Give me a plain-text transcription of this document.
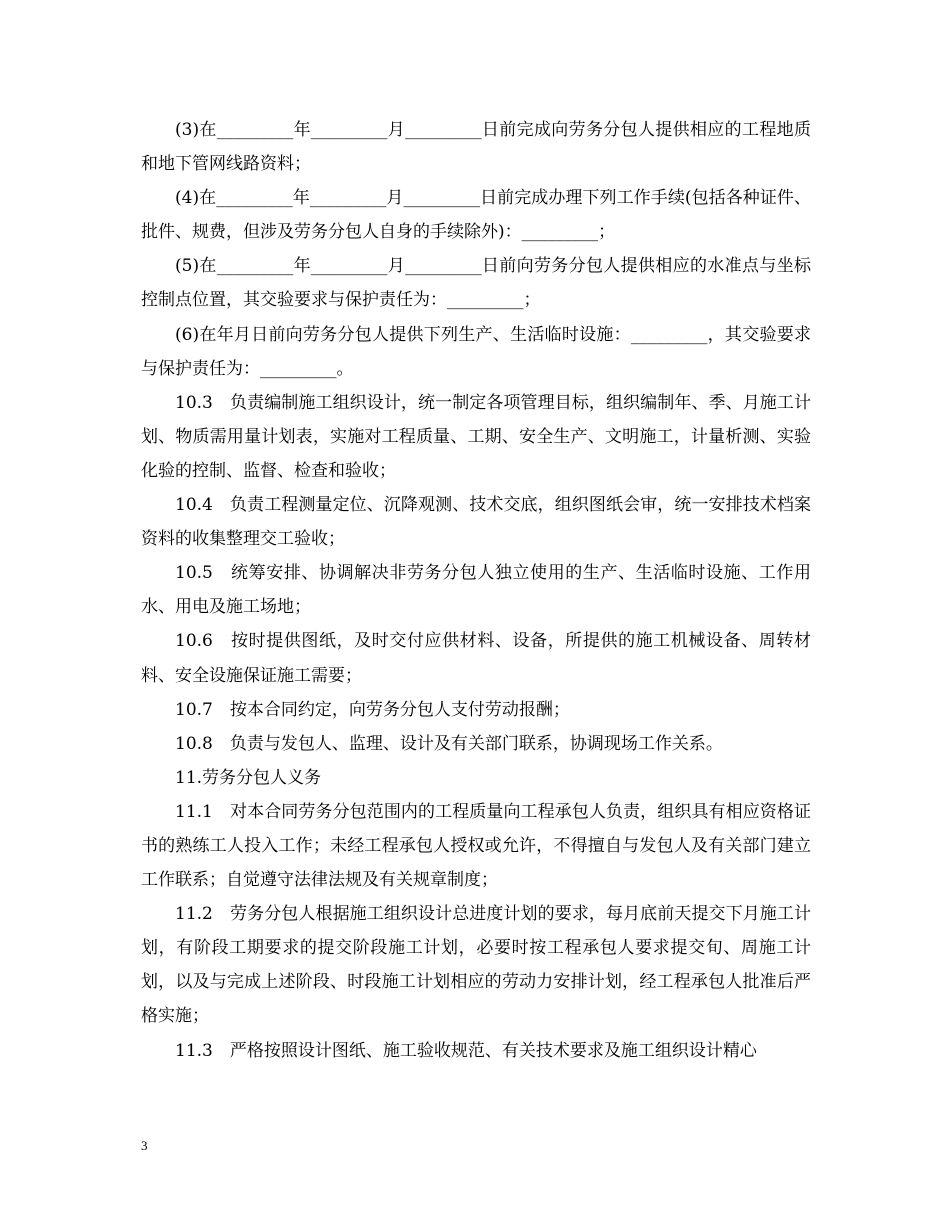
(3)在_________年_________月_________日前完成向劳务分包人提供相应的工程地质和地下管网线路资料；

(4)在_________年_________月_________日前完成办理下列工作手续(包括各种证件、批件、规费，但涉及劳务分包人自身的手续除外)：_________；

(5)在_________年_________月_________日前向劳务分包人提供相应的水准点与坐标控制点位置，其交验要求与保护责任为：_________；

(6)在年月日前向劳务分包人提供下列生产、生活临时设施：_________，其交验要求与保护责任为：_________。

10.3　负责编制施工组织设计，统一制定各项管理目标，组织编制年、季、月施工计划、物质需用量计划表，实施对工程质量、工期、安全生产、文明施工，计量析测、实验化验的控制、监督、检查和验收；

10.4　负责工程测量定位、沉降观测、技术交底，组织图纸会审，统一安排技术档案资料的收集整理交工验收；

10.5　统筹安排、协调解决非劳务分包人独立使用的生产、生活临时设施、工作用水、用电及施工场地；

10.6　按时提供图纸，及时交付应供材料、设备，所提供的施工机械设备、周转材料、安全设施保证施工需要；

10.7　按本合同约定，向劳务分包人支付劳动报酬；

10.8　负责与发包人、监理、设计及有关部门联系，协调现场工作关系。

11.劳务分包人义务

11.1　对本合同劳务分包范围内的工程质量向工程承包人负责，组织具有相应资格证书的熟练工人投入工作；未经工程承包人授权或允许，不得擅自与发包人及有关部门建立工作联系；自觉遵守法律法规及有关规章制度；

11.2　劳务分包人根据施工组织设计总进度计划的要求，每月底前天提交下月施工计划，有阶段工期要求的提交阶段施工计划，必要时按工程承包人要求提交旬、周施工计划，以及与完成上述阶段、时段施工计划相应的劳动力安排计划，经工程承包人批准后严格实施；

11.3　严格按照设计图纸、施工验收规范、有关技术要求及施工组织设计精心

3
